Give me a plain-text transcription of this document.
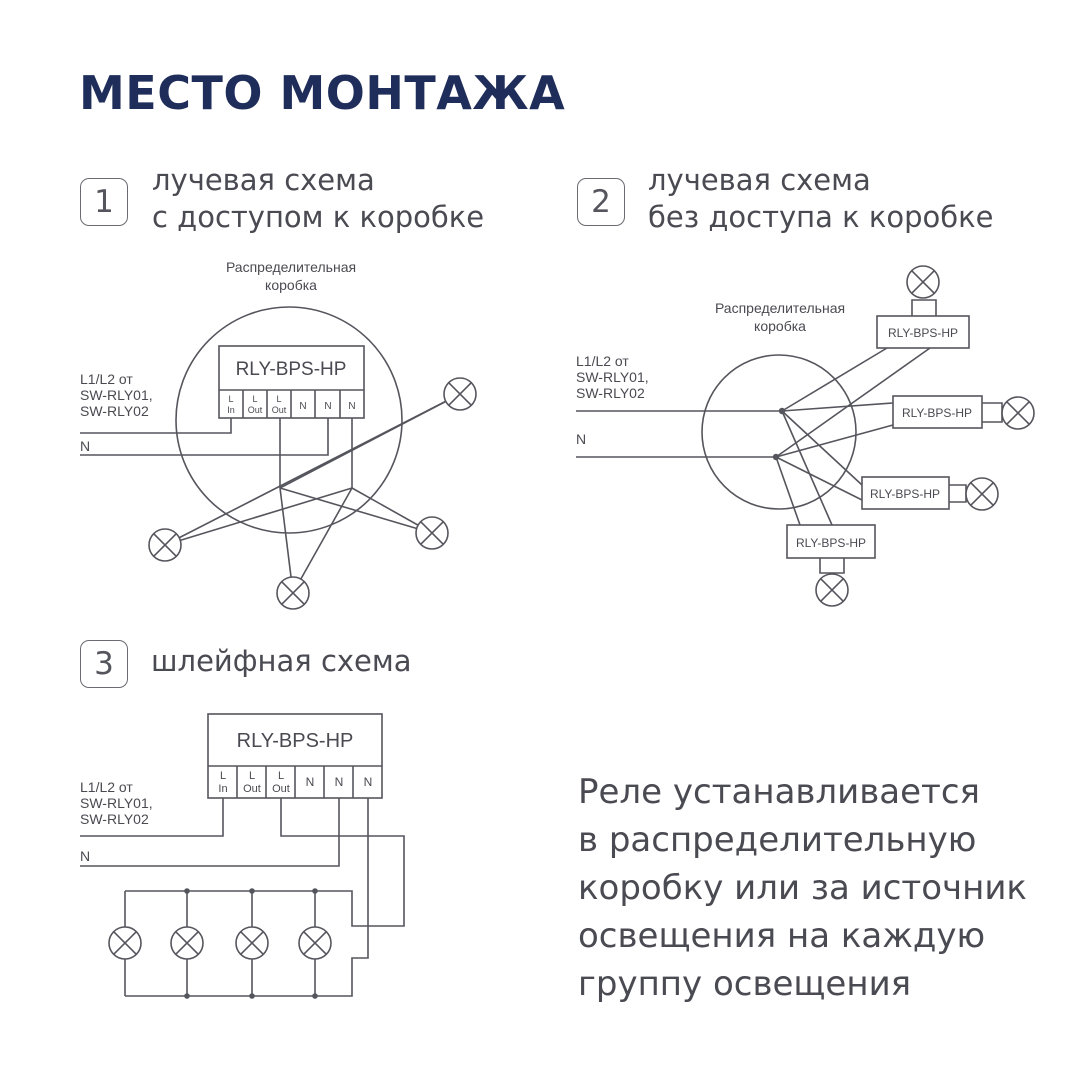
МЕСТО МОНТАЖА
1
лучевая схема
с доступом к коробке	2
лучевая схема
без доступа к коробке
3	шлейфная схема
Реле устанавливается
в распределительную
коробку или за источник
освещения на каждую
группу освещения
Распределительная
коробка
RLY-BPS-HP
L
In
L
Out
L
Out N N N
L1/L2 от
SW-RLY01,
SW-RLY02
N
Распределительная
коробка
L1/L2 от
SW-RLY01,
SW-RLY02
N
RLY-BPS-HP
RLY-BPS-HP
RLY-BPS-HP
RLY-BPS-HP
RLY-BPS-HP
L
In
L
Out
L
Out N N N
L1/L2 от
SW-RLY01,
SW-RLY02
N
